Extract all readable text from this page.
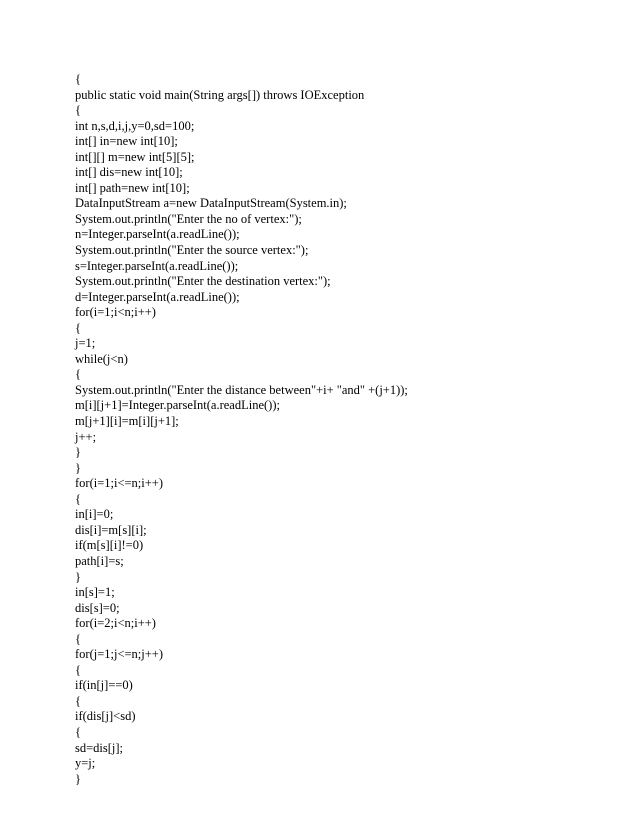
{
public static void main(String args[]) throws IOException
{
int n,s,d,i,j,y=0,sd=100;
int[] in=new int[10];
int[][] m=new int[5][5];
int[] dis=new int[10];
int[] path=new int[10];
DataInputStream a=new DataInputStream(System.in);
System.out.println("Enter the no of vertex:");
n=Integer.parseInt(a.readLine());
System.out.println("Enter the source vertex:");
s=Integer.parseInt(a.readLine());
System.out.println("Enter the destination vertex:");
d=Integer.parseInt(a.readLine());
for(i=1;i<n;i++)
{
j=1;
while(j<n)
{
System.out.println("Enter the distance between"+i+ "and" +(j+1));
m[i][j+1]=Integer.parseInt(a.readLine());
m[j+1][i]=m[i][j+1];
j++;
}
}
for(i=1;i<=n;i++)
{
in[i]=0;
dis[i]=m[s][i];
if(m[s][i]!=0)
path[i]=s;
}
in[s]=1;
dis[s]=0;
for(i=2;i<n;i++)
{
for(j=1;j<=n;j++)
{
if(in[j]==0)
{
if(dis[j]<sd)
{
sd=dis[j];
y=j;
}
